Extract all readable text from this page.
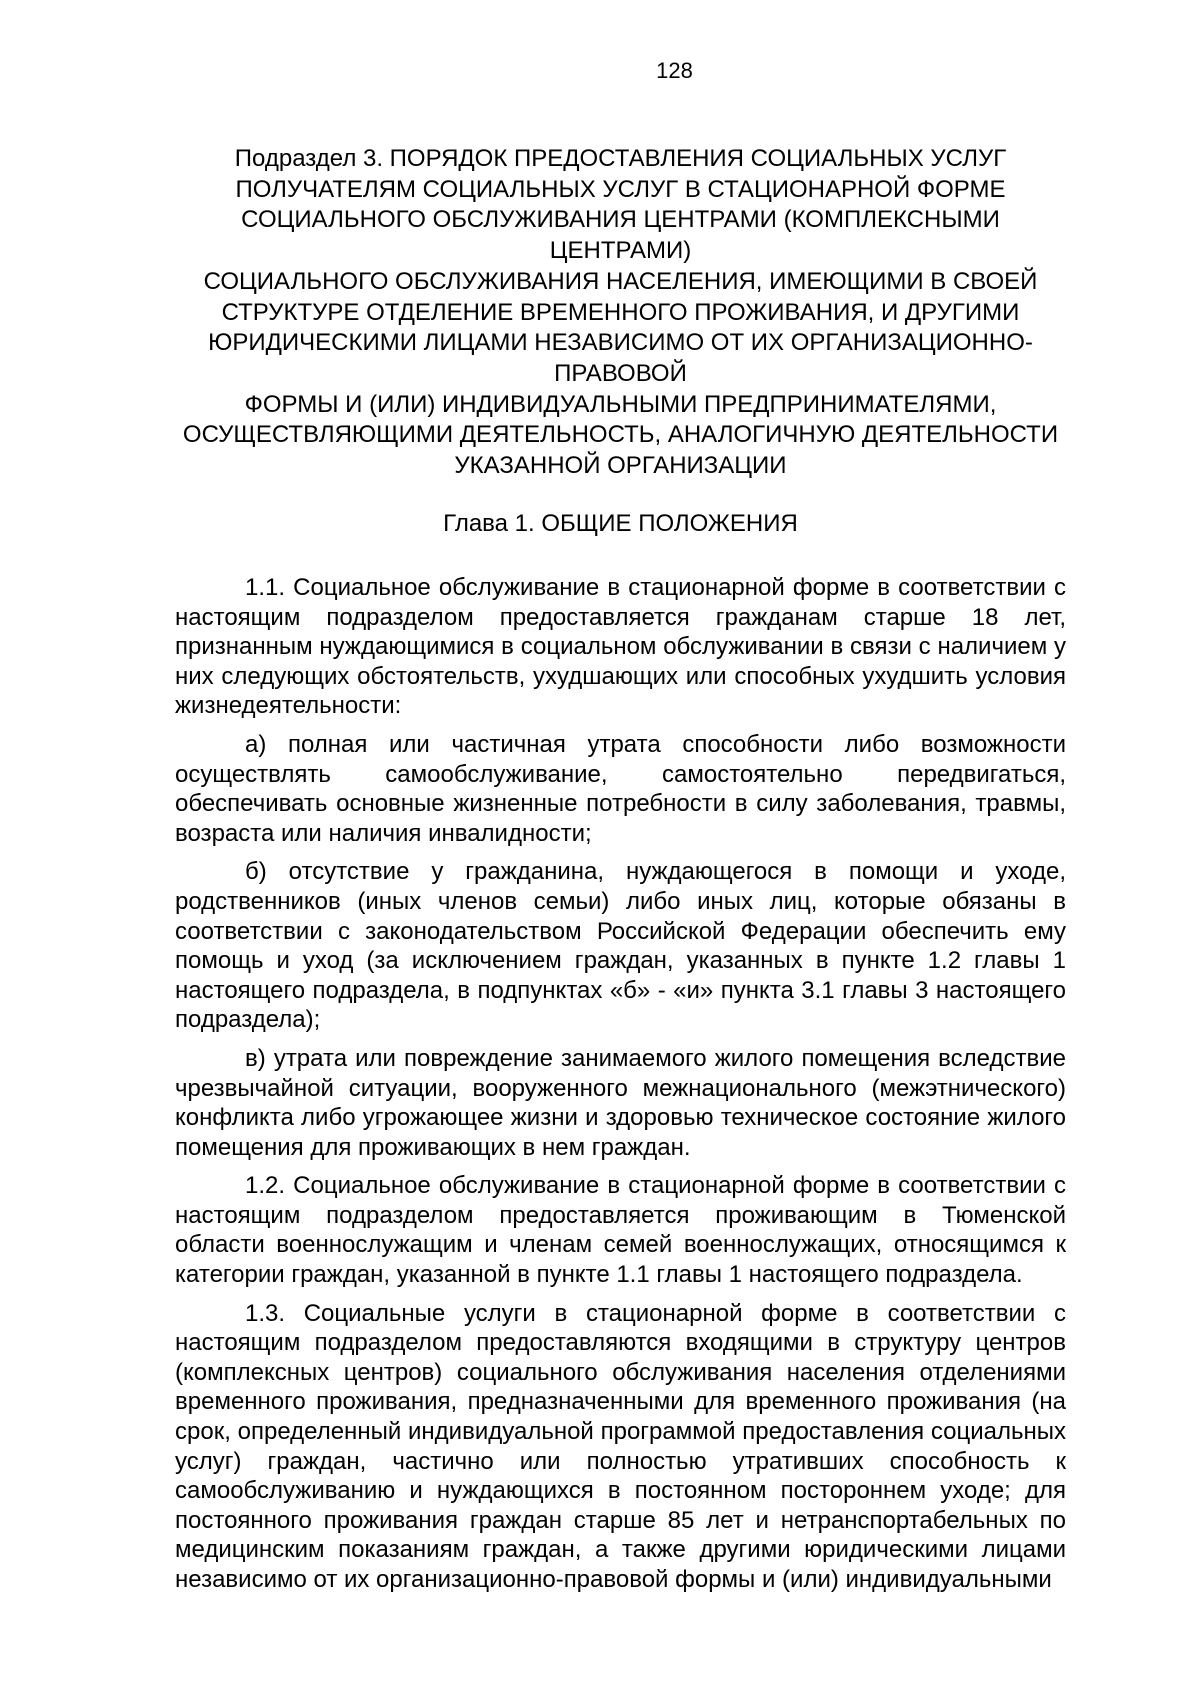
128
Подраздел 3. ПОРЯДОК ПРЕДОСТАВЛЕНИЯ СОЦИАЛЬНЫХ УСЛУГ
ПОЛУЧАТЕЛЯМ СОЦИАЛЬНЫХ УСЛУГ В СТАЦИОНАРНОЙ ФОРМЕ
СОЦИАЛЬНОГО ОБСЛУЖИВАНИЯ ЦЕНТРАМИ (КОМПЛЕКСНЫМИ
ЦЕНТРАМИ)
СОЦИАЛЬНОГО ОБСЛУЖИВАНИЯ НАСЕЛЕНИЯ, ИМЕЮЩИМИ В СВОЕЙ
СТРУКТУРЕ ОТДЕЛЕНИЕ ВРЕМЕННОГО ПРОЖИВАНИЯ, И ДРУГИМИ
ЮРИДИЧЕСКИМИ ЛИЦАМИ НЕЗАВИСИМО ОТ ИХ ОРГАНИЗАЦИОННО-
ПРАВОВОЙ
ФОРМЫ И (ИЛИ) ИНДИВИДУАЛЬНЫМИ ПРЕДПРИНИМАТЕЛЯМИ,
ОСУЩЕСТВЛЯЮЩИМИ ДЕЯТЕЛЬНОСТЬ, АНАЛОГИЧНУЮ ДЕЯТЕЛЬНОСТИ
УКАЗАННОЙ ОРГАНИЗАЦИИ
Глава 1. ОБЩИЕ ПОЛОЖЕНИЯ

1.1. Социальное обслуживание в стационарной форме в соответствии с настоящим подразделом предоставляется гражданам старше 18 лет, признанным нуждающимися в социальном обслуживании в связи с наличием у них следующих обстоятельств, ухудшающих или способных ухудшить условия жизнедеятельности:

а) полная или частичная утрата способности либо возможности осуществлять самообслуживание, самостоятельно передвигаться, обеспечивать основные жизненные потребности в силу заболевания, травмы, возраста или наличия инвалидности;

б) отсутствие у гражданина, нуждающегося в помощи и уходе, родственников (иных членов семьи) либо иных лиц, которые обязаны в соответствии с законодательством Российской Федерации обеспечить ему помощь и уход (за исключением граждан, указанных в пункте 1.2 главы 1 настоящего подраздела, в подпунктах «б» - «и» пункта 3.1 главы 3 настоящего подраздела);

в) утрата или повреждение занимаемого жилого помещения вследствие чрезвычайной ситуации, вооруженного межнационального (межэтнического) конфликта либо угрожающее жизни и здоровью техническое состояние жилого помещения для проживающих в нем граждан.

1.2. Социальное обслуживание в стационарной форме в соответствии с настоящим подразделом предоставляется проживающим в Тюменской области военнослужащим и членам семей военнослужащих, относящимся к категории граждан, указанной в пункте 1.1 главы 1 настоящего подраздела.

1.3. Социальные услуги в стационарной форме в соответствии с настоящим подразделом предоставляются входящими в структуру центров (комплексных центров) социального обслуживания населения отделениями временного проживания, предназначенными для временного проживания (на срок, определенный индивидуальной программой предоставления социальных услуг) граждан, частично или полностью утративших способность к самообслуживанию и нуждающихся в постоянном постороннем уходе; для постоянного проживания граждан старше 85 лет и нетранспортабельных по медицинским показаниям граждан, а также другими юридическими лицами независимо от их организационно-правовой формы и (или) индивидуальными
